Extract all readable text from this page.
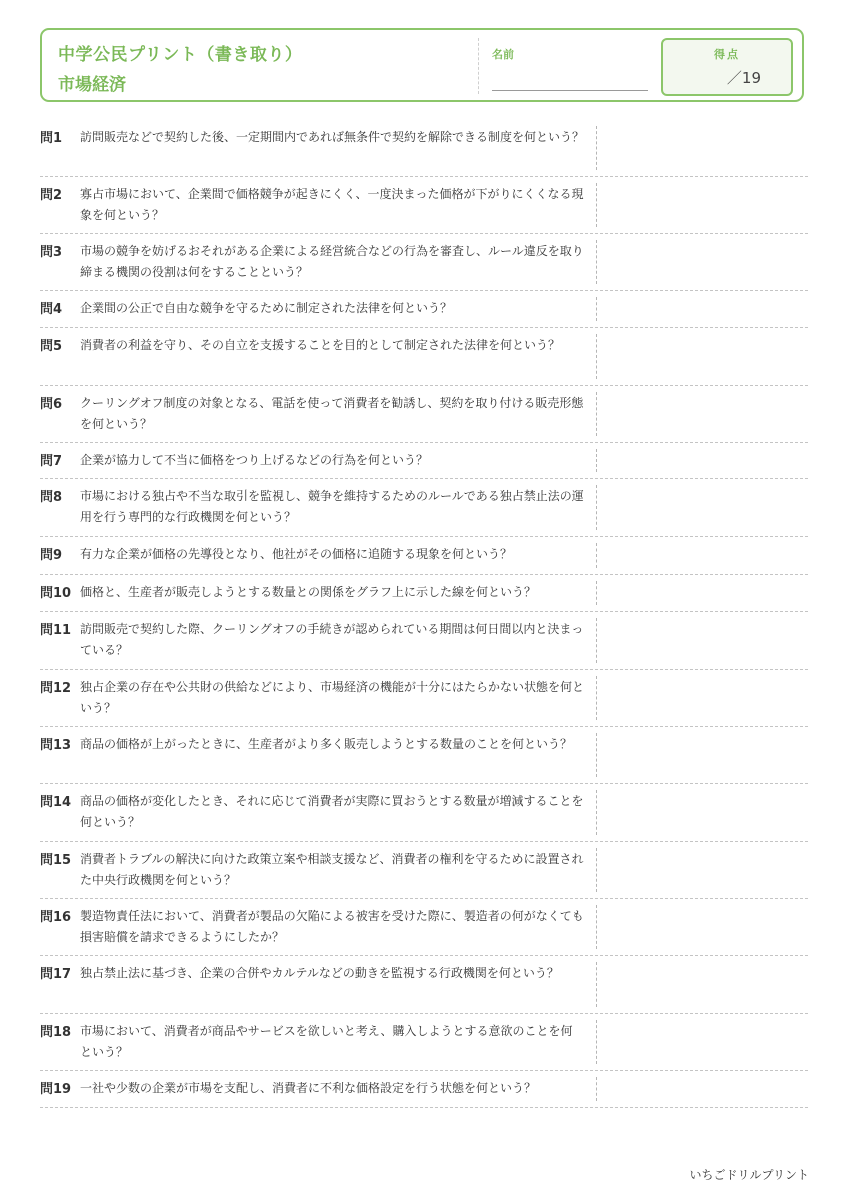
中学公民プリント（書き取り）
市場経済
名前	得点
／19
問1	訪問販売などで契約した後、一定期間内であれば無条件で契約を解除できる制度を何という？
問2	寡占市場において、企業間で価格競争が起きにくく、一度決まった価格が下がりにくくなる現象を何という？
問3	市場の競争を妨げるおそれがある企業による経営統合などの行為を審査し、ルール違反を取り締まる機関の役割は何をすることという？
問4	企業間の公正で自由な競争を守るために制定された法律を何という？
問5	消費者の利益を守り、その自立を支援することを目的として制定された法律を何という？
問6	クーリングオフ制度の対象となる、電話を使って消費者を勧誘し、契約を取り付ける販売形態を何という？
問7	企業が協力して不当に価格をつり上げるなどの行為を何という？
問8	市場における独占や不当な取引を監視し、競争を維持するためのルールである独占禁止法の運用を行う専門的な行政機関を何という？
問9	有力な企業が価格の先導役となり、他社がその価格に追随する現象を何という？
問10 価格と、生産者が販売しようとする数量との関係をグラフ上に示した線を何という？
問11 訪問販売で契約した際、クーリングオフの手続きが認められている期間は何日間以内と決まっている？
問12 独占企業の存在や公共財の供給などにより、市場経済の機能が十分にはたらかない状態を何という？
問13 商品の価格が上がったときに、生産者がより多く販売しようとする数量のことを何という？
問14 商品の価格が変化したとき、それに応じて消費者が実際に買おうとする数量が増減することを何という？
問15 消費者トラブルの解決に向けた政策立案や相談支援など、消費者の権利を守るために設置された中央行政機関を何という？
問16 製造物責任法において、消費者が製品の欠陥による被害を受けた際に、製造者の何がなくても損害賠償を請求できるようにしたか？
問17 独占禁止法に基づき、企業の合併やカルテルなどの動きを監視する行政機関を何という？
問18 市場において、消費者が商品やサービスを欲しいと考え、購入しようとする意欲のことを何という？
問19 一社や少数の企業が市場を支配し、消費者に不利な価格設定を行う状態を何という？
いちごドリルプリント
